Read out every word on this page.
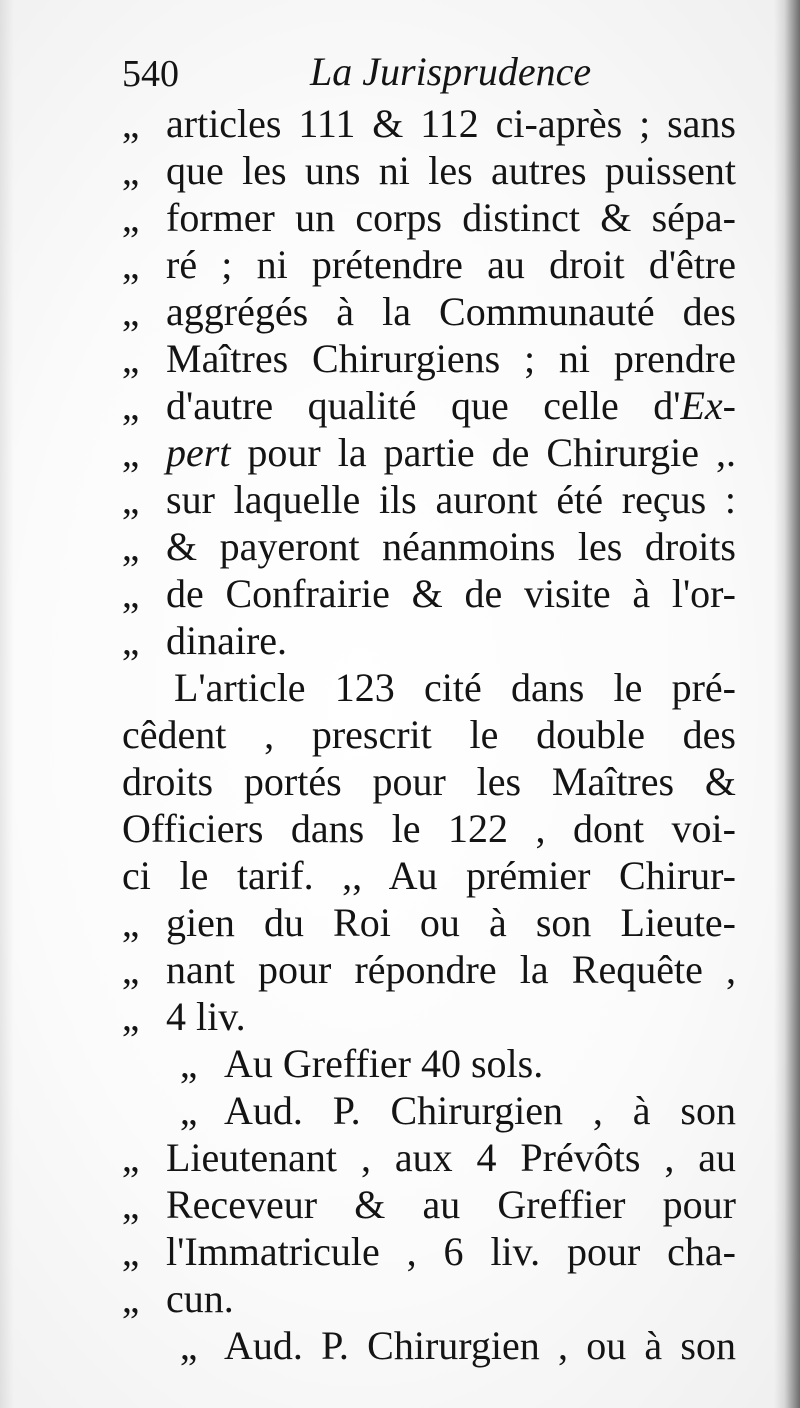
540	La Jurisprudence
,, articles 111 & 112 ci-après ; sans
,, que les uns ni les autres puissent
,, former un corps distinct & sépa-
,, ré ; ni prétendre au droit d'être
,, aggrégés à la Communauté des
,, Maîtres Chirurgiens ; ni prendre
,, d'autre qualité que celle d'Ex-
,, pert pour la partie de Chirurgie ,.
,, sur laquelle ils auront été reçus :
,, & payeront néanmoins les droits
,, de Confrairie & de visite à l'or-
,, dinaire.
L'article 123 cité dans le pré-
cêdent , prescrit le double des
droits portés pour les Maîtres &
Officiers dans le 122 , dont voi-
ci le tarif. ,, Au prémier Chirur-
,, gien du Roi ou à son Lieute-
,, nant pour répondre la Requête ,
,, 4 liv.
,, Au Greffier 40 sols.
,, Aud. P. Chirurgien , à son
,, Lieutenant , aux 4 Prévôts , au
,, Receveur & au Greffier pour
,, l'Immatricule , 6 liv. pour cha-
,, cun.
,, Aud. P. Chirurgien , ou à son
